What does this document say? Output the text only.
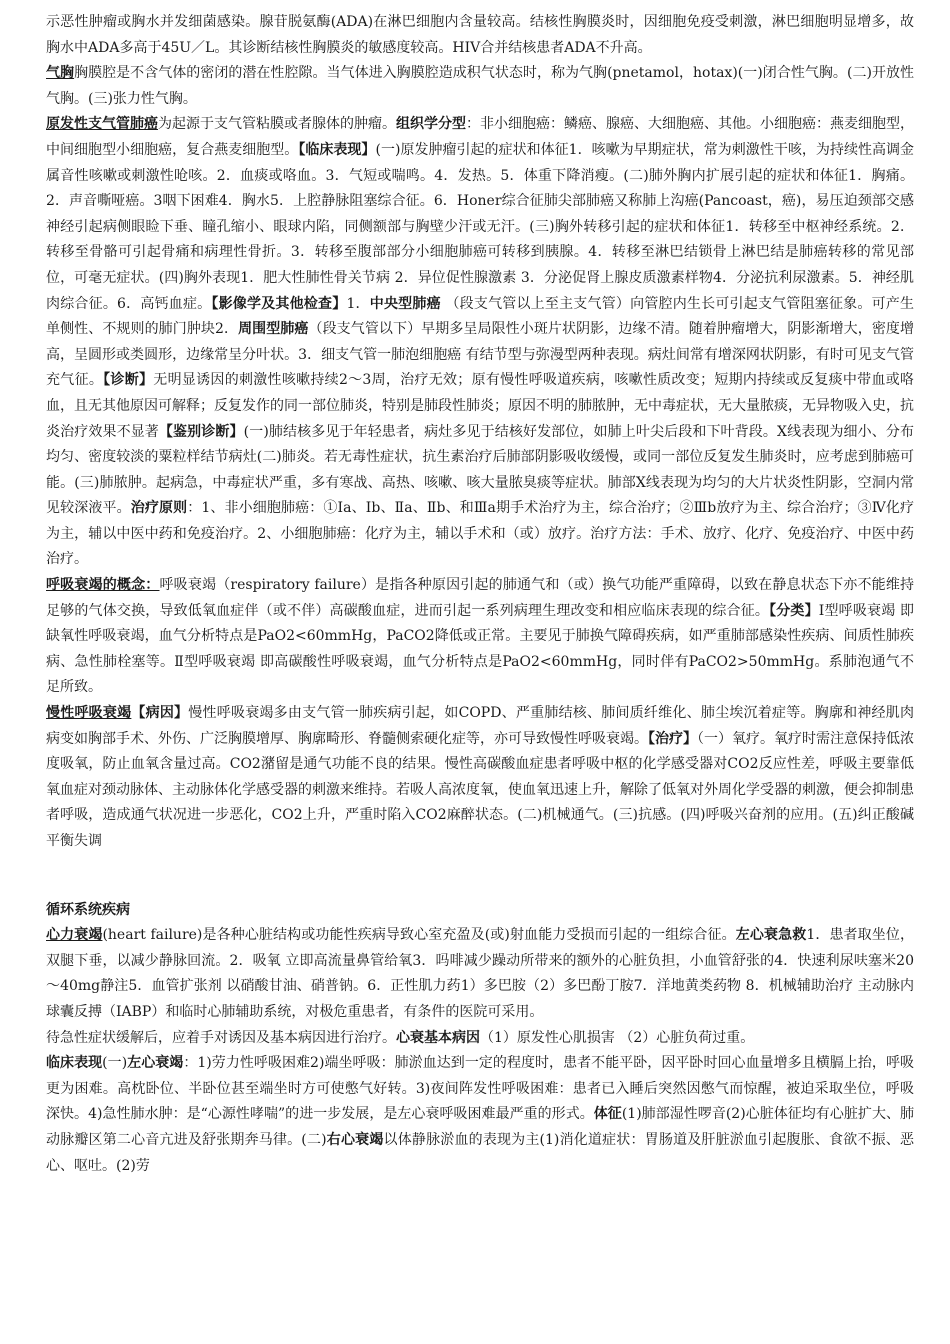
示恶性肿瘤或胸水并发细菌感染。腺苷脱氨酶(ADA)在淋巴细胞内含量较高。结核性胸膜炎时，因细胞免疫受刺激，淋巴细胞明显增多，故胸水中ADA多高于45U／L。其诊断结核性胸膜炎的敏感度较高。HIV合并结核患者ADA不升高。

气胸胸膜腔是不含气体的密闭的潜在性腔隙。当气体进入胸膜腔造成积气状态时，称为气胸(pnetamol，hotax)(一)闭合性气胸。(二)开放性气胸。(三)张力性气胸。

原发性支气管肺癌为起源于支气管粘膜或者腺体的肿瘤。组织学分型：非小细胞癌：鳞癌、腺癌、大细胞癌、其他。小细胞癌：燕麦细胞型，中间细胞型小细胞癌，复合燕麦细胞型。【临床表现】(一)原发肿瘤引起的症状和体征1．咳嗽为早期症状，常为刺激性干咳，为持续性高调金属音性咳嗽或刺激性呛咳。2．血痰或咯血。3．气短或喘鸣。4．发热。5．体重下降消瘦。(二)肺外胸内扩展引起的症状和体征1．胸痛。2．声音嘶哑癌。3咽下困难4．胸水5．上腔静脉阻塞综合征。6．Honer综合征肺尖部肺癌又称肺上沟癌(Pancoast，癌)，易压迫颈部交感神经引起病侧眼睑下垂、瞳孔缩小、眼球内陷，同侧额部与胸壁少汗或无汗。(三)胸外转移引起的症状和体征1．转移至中枢神经系统。2．转移至骨骼可引起骨痛和病理性骨折。3．转移至腹部部分小细胞肺癌可转移到胰腺。4．转移至淋巴结锁骨上淋巴结是肺癌转移的常见部位，可毫无症状。(四)胸外表现1．肥大性肺性骨关节病 2．异位促性腺激素 3．分泌促肾上腺皮质激素样物4．分泌抗利尿激素。5．神经肌肉综合征。6．高钙血症。【影像学及其他检查】1．中央型肺癌 （段支气管以上至主支气管）向管腔内生长可引起支气管阻塞征象。可产生单侧性、不规则的肺门肿块2．周围型肺癌（段支气管以下）早期多呈局限性小斑片状阴影，边缘不清。随着肿瘤增大，阴影渐增大，密度增高，呈圆形或类圆形，边缘常呈分叶状。3．细支气管一肺泡细胞癌 有结节型与弥漫型两种表现。病灶间常有增深网状阴影，有时可见支气管充气征。【诊断】无明显诱因的刺激性咳嗽持续2～3周，治疗无效；原有慢性呼吸道疾病，咳嗽性质改变；短期内持续或反复痰中带血或咯血，且无其他原因可解释；反复发作的同一部位肺炎，特别是肺段性肺炎；原因不明的肺脓肿，无中毒症状，无大量脓痰，无异物吸入史，抗炎治疗效果不显著【鉴别诊断】(一)肺结核多见于年轻患者，病灶多见于结核好发部位，如肺上叶尖后段和下叶背段。X线表现为细小、分布均匀、密度较淡的粟粒样结节病灶(二)肺炎。若无毒性症状，抗生素治疗后肺部阴影吸收缓慢，或同一部位反复发生肺炎时，应考虑到肺癌可能。(三)肺脓肿。起病急，中毒症状严重，多有寒战、高热、咳嗽、咳大量脓臭痰等症状。肺部X线表现为均匀的大片状炎性阴影，空洞内常见较深液平。治疗原则：1、非小细胞肺癌：①Ⅰa、Ⅰb、Ⅱa、Ⅱb、和Ⅲa期手术治疗为主，综合治疗；②Ⅲb放疗为主、综合治疗；③Ⅳ化疗为主，辅以中医中药和免疫治疗。2、小细胞肺癌：化疗为主，辅以手术和（或）放疗。治疗方法：手术、放疗、化疗、免疫治疗、中医中药治疗。

呼吸衰竭的概念：呼吸衰竭（respiratory failure）是指各种原因引起的肺通气和（或）换气功能严重障碍，以致在静息状态下亦不能维持足够的气体交换，导致低氧血症伴（或不伴）高碳酸血症，进而引起一系列病理生理改变和相应临床表现的综合征。【分类】Ⅰ型呼吸衰竭 即缺氧性呼吸衰竭，血气分析特点是PaO2<60mmHg，PaCO2降低或正常。主要见于肺换气障碍疾病，如严重肺部感染性疾病、间质性肺疾病、急性肺栓塞等。Ⅱ型呼吸衰竭 即高碳酸性呼吸衰竭，血气分析特点是PaO2<60mmHg，同时伴有PaCO2>50mmHg。系肺泡通气不足所致。

慢性呼吸衰竭【病因】慢性呼吸衰竭多由支气管一肺疾病引起，如COPD、严重肺结核、肺间质纤维化、肺尘埃沉着症等。胸廓和神经肌肉病变如胸部手术、外伤、广泛胸膜增厚、胸廓畸形、脊髓侧索硬化症等，亦可导致慢性呼吸衰竭。【治疗】（一）氧疗。氧疗时需注意保持低浓度吸氧，防止血氧含量过高。CO2潴留是通气功能不良的结果。慢性高碳酸血症患者呼吸中枢的化学感受器对CO2反应性差，呼吸主要靠低氧血症对颈动脉体、主动脉体化学感受器的刺激来维持。若吸人高浓度氧，使血氧迅速上升，解除了低氧对外周化学受器的刺激，便会抑制患者呼吸，造成通气状况进一步恶化，CO2上升，严重时陷入CO2麻醉状态。(二)机械通气。(三)抗感。(四)呼吸兴奋剂的应用。(五)纠正酸碱平衡失调

循环系统疾病

心力衰竭(heart failure)是各种心脏结构或功能性疾病导致心室充盈及(或)射血能力受损而引起的一组综合征。左心衰急救1．患者取坐位，双腿下垂，以减少静脉回流。2．吸氧 立即高流量鼻管给氧3．吗啡减少躁动所带来的额外的心脏负担，小血管舒张的4．快速利尿呋塞米20～40mg静注5．血管扩张剂 以硝酸甘油、硝普钠。6．正性肌力药1）多巴胺（2）多巴酚丁胺7．洋地黄类药物 8．机械辅助治疗 主动脉内球囊反搏（IABP）和临时心肺辅助系统，对极危重患者，有条件的医院可采用。

待急性症状缓解后，应着手对诱因及基本病因进行治疗。心衰基本病因（1）原发性心肌损害 （2）心脏负荷过重。

临床表现(一)左心衰竭：1)劳力性呼吸困难2)端坐呼吸：肺淤血达到一定的程度时，患者不能平卧，因平卧时回心血量增多且横膈上抬，呼吸更为困难。高枕卧位、半卧位甚至端坐时方可使憋气好转。3)夜间阵发性呼吸困难：患者已入睡后突然因憋气而惊醒，被迫采取坐位，呼吸深快。4)急性肺水肿：是“心源性哮喘”的进一步发展，是左心衰呼吸困难最严重的形式。体征(1)肺部湿性啰音(2)心脏体征均有心脏扩大、肺动脉瓣区第二心音亢进及舒张期奔马律。(二)右心衰竭以体静脉淤血的表现为主(1)消化道症状：胃肠道及肝脏淤血引起腹胀、食欲不振、恶心、呕吐。(2)劳
